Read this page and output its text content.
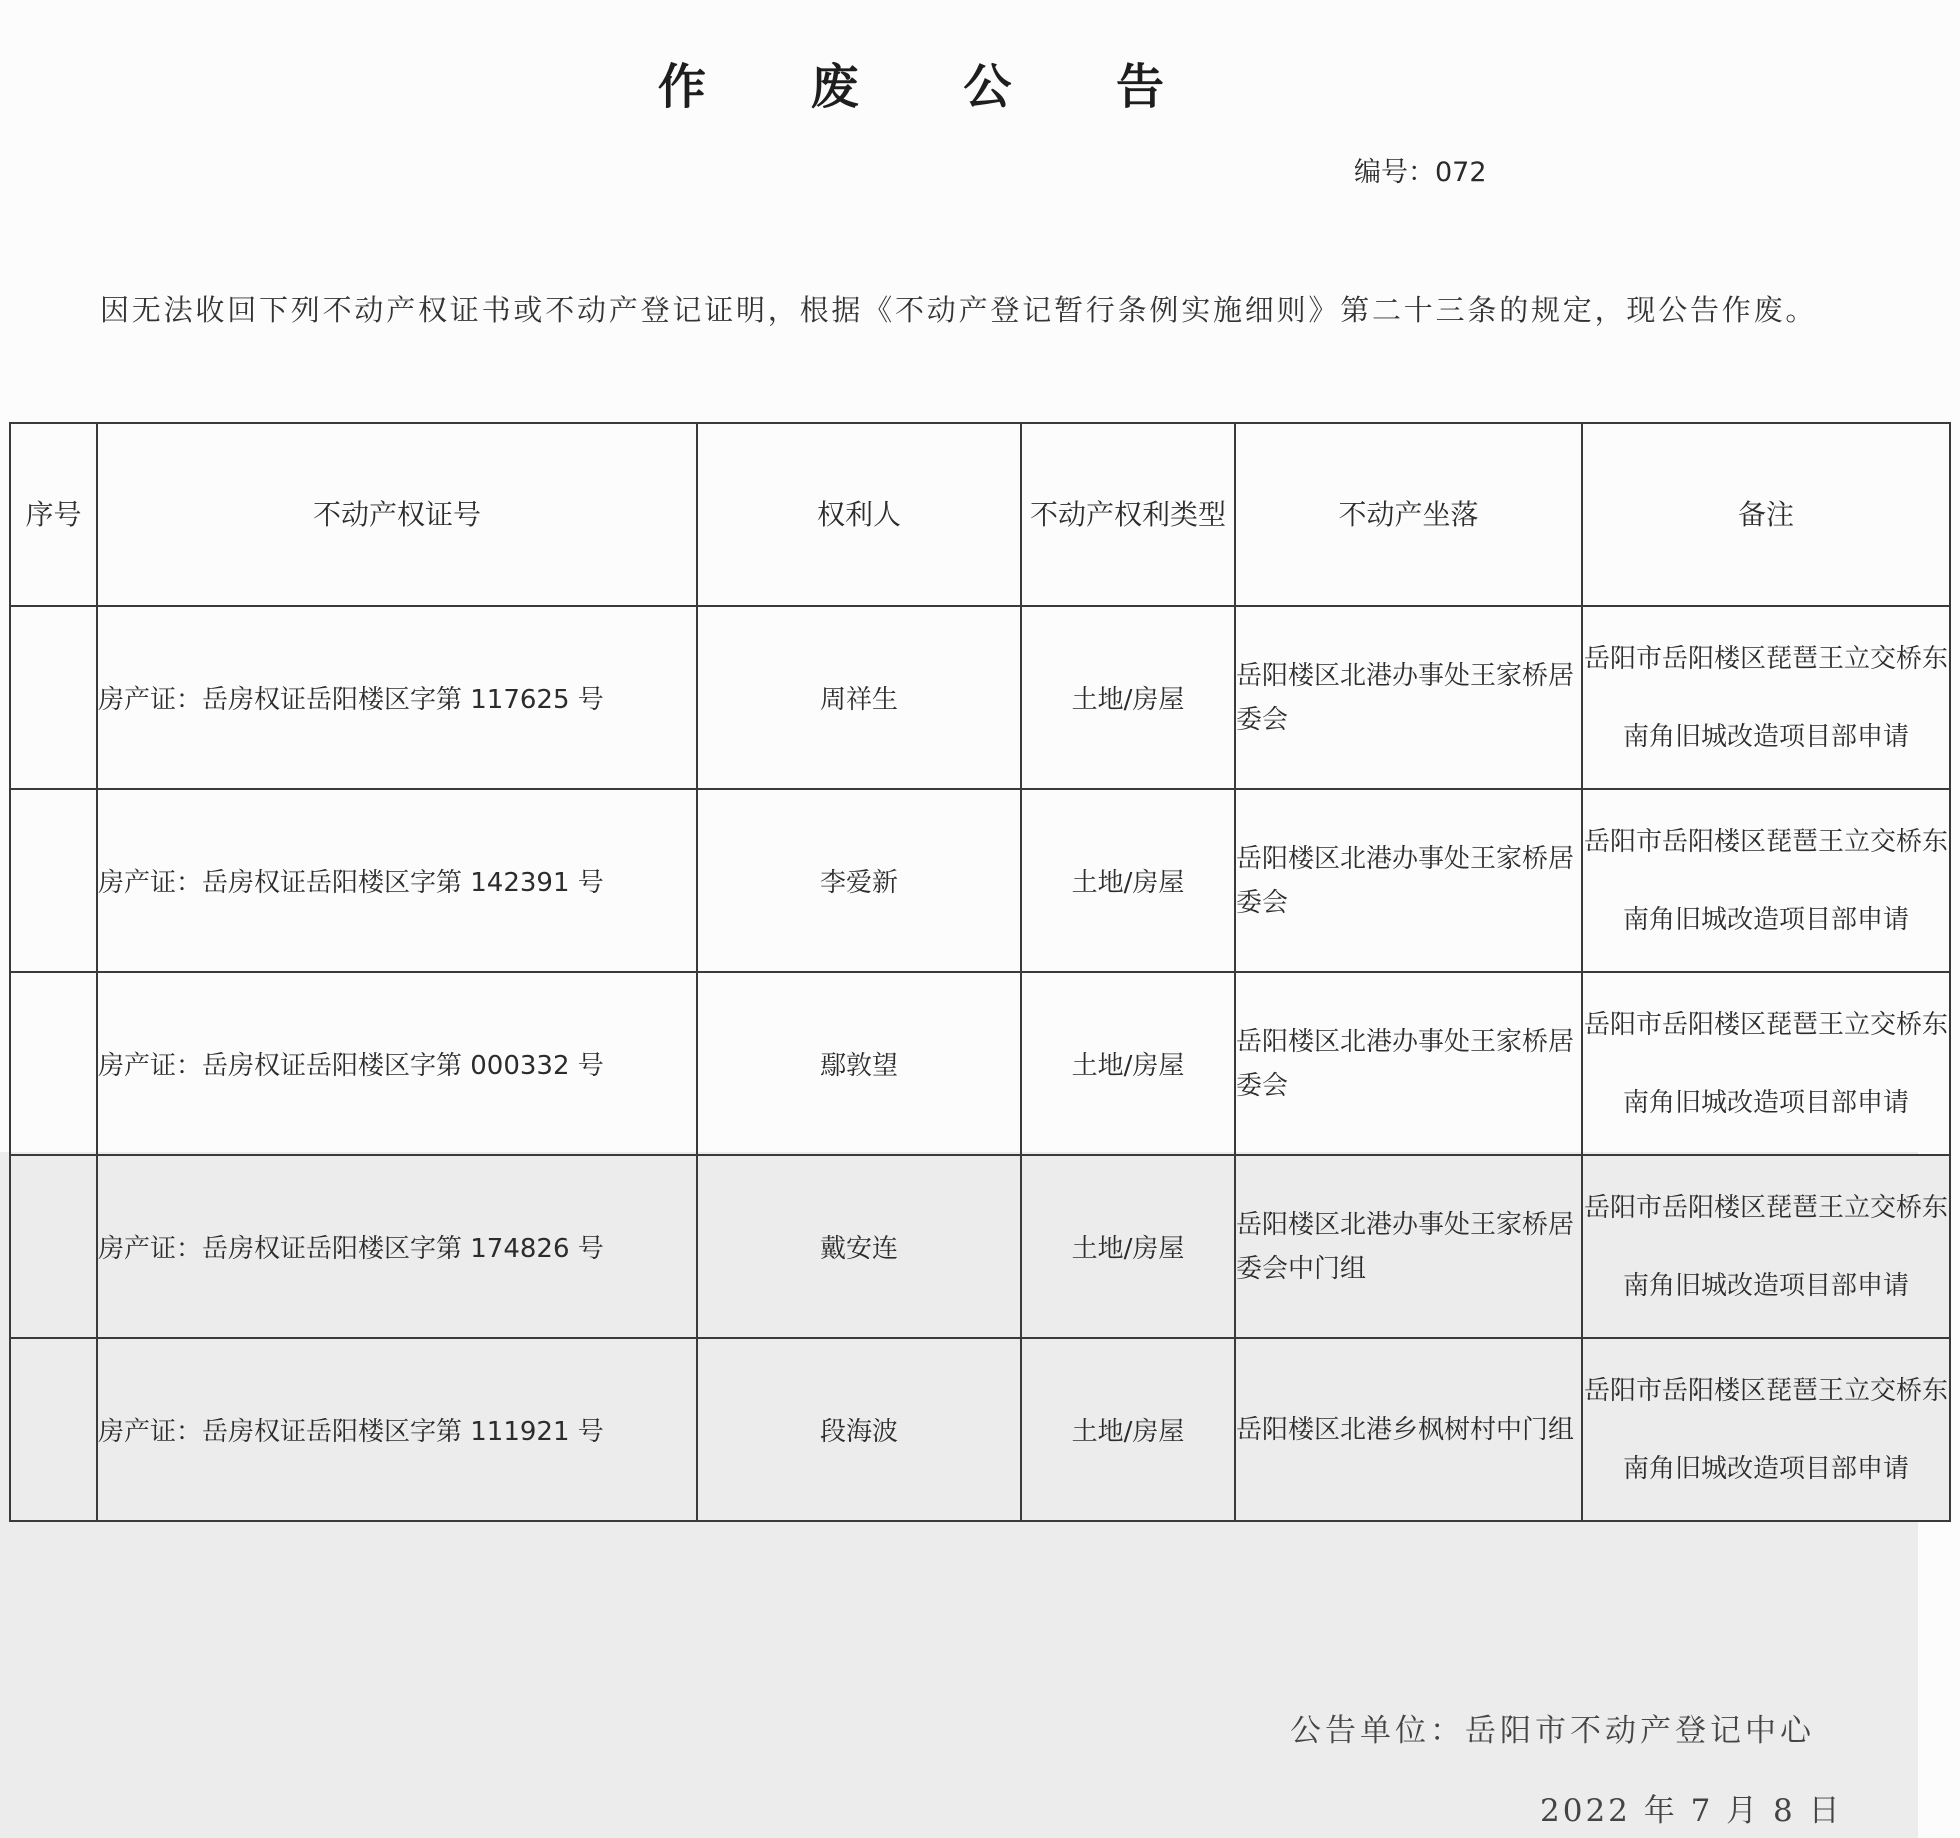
作 废 公 告
编号：072
因无法收回下列不动产权证书或不动产登记证明，根据《不动产登记暂行条例实施细则》第二十三条的规定，现公告作废。
序号	不动产权证号	权利人	不动产权利类型	不动产坐落	备注
	房产证：岳房权证岳阳楼区字第 117625 号	周祥生	土地/房屋	岳阳楼区北港办事处王家桥居委会	岳阳市岳阳楼区琵琶王立交桥东南角旧城改造项目部申请
	房产证：岳房权证岳阳楼区字第 142391 号	李爱新	土地/房屋	岳阳楼区北港办事处王家桥居委会	岳阳市岳阳楼区琵琶王立交桥东南角旧城改造项目部申请
	房产证：岳房权证岳阳楼区字第 000332 号	鄢敦望	土地/房屋	岳阳楼区北港办事处王家桥居委会	岳阳市岳阳楼区琵琶王立交桥东南角旧城改造项目部申请
	房产证：岳房权证岳阳楼区字第 174826 号	戴安连	土地/房屋	岳阳楼区北港办事处王家桥居委会中门组	岳阳市岳阳楼区琵琶王立交桥东南角旧城改造项目部申请
	房产证：岳房权证岳阳楼区字第 111921 号	段海波	土地/房屋	岳阳楼区北港乡枫树村中门组	岳阳市岳阳楼区琵琶王立交桥东南角旧城改造项目部申请
公告单位：岳阳市不动产登记中心
2022 年 7 月 8 日
